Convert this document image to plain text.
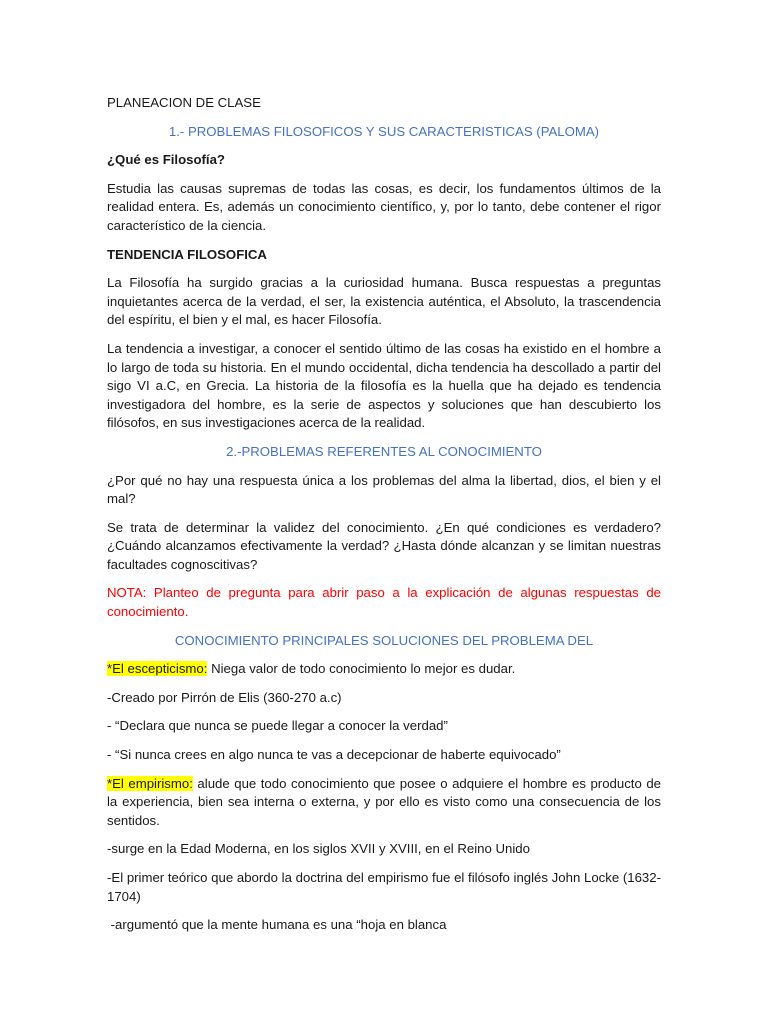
PLANEACION DE CLASE

1.- PROBLEMAS FILOSOFICOS Y SUS CARACTERISTICAS (PALOMA)

¿Qué es Filosofía?

Estudia las causas supremas de todas las cosas, es decir, los fundamentos últimos de la realidad entera. Es, además un conocimiento científico, y, por lo tanto, debe contener el rigor característico de la ciencia.

TENDENCIA FILOSOFICA

La Filosofía ha surgido gracias a la curiosidad humana. Busca respuestas a preguntas inquietantes acerca de la verdad, el ser, la existencia auténtica, el Absoluto, la trascendencia del espíritu, el bien y el mal, es hacer Filosofía.

La tendencia a investigar, a conocer el sentido último de las cosas ha existido en el hombre a lo largo de toda su historia. En el mundo occidental, dicha tendencia ha descollado a partir del sigo VI a.C, en Grecia. La historia de la filosofía es la huella que ha dejado es tendencia investigadora del hombre, es la serie de aspectos y soluciones que han descubierto los filósofos, en sus investigaciones acerca de la realidad.

2.-PROBLEMAS REFERENTES AL CONOCIMIENTO

¿Por qué no hay una respuesta única a los problemas del alma la libertad, dios, el bien y el mal?

Se trata de determinar la validez del conocimiento. ¿En qué condiciones es verdadero? ¿Cuándo alcanzamos efectivamente la verdad? ¿Hasta dónde alcanzan y se limitan nuestras facultades cognoscitivas?

NOTA: Planteo de pregunta para abrir paso a la explicación de algunas respuestas de conocimiento.

CONOCIMIENTO PRINCIPALES SOLUCIONES DEL PROBLEMA DEL

*El escepticismo: Niega valor de todo conocimiento lo mejor es dudar.

-Creado por Pirrón de Elis (360-270 a.c)

- “Declara que nunca se puede llegar a conocer la verdad”

- “Si nunca crees en algo nunca te vas a decepcionar de haberte equivocado”

*El empirismo: alude que todo conocimiento que posee o adquiere el hombre es producto de la experiencia, bien sea interna o externa, y por ello es visto como una consecuencia de los sentidos.

-surge en la Edad Moderna, en los siglos XVII y XVIII, en el Reino Unido

-El primer teórico que abordo la doctrina del empirismo fue el filósofo inglés John Locke (1632-1704)

-argumentó que la mente humana es una “hoja en blanca
